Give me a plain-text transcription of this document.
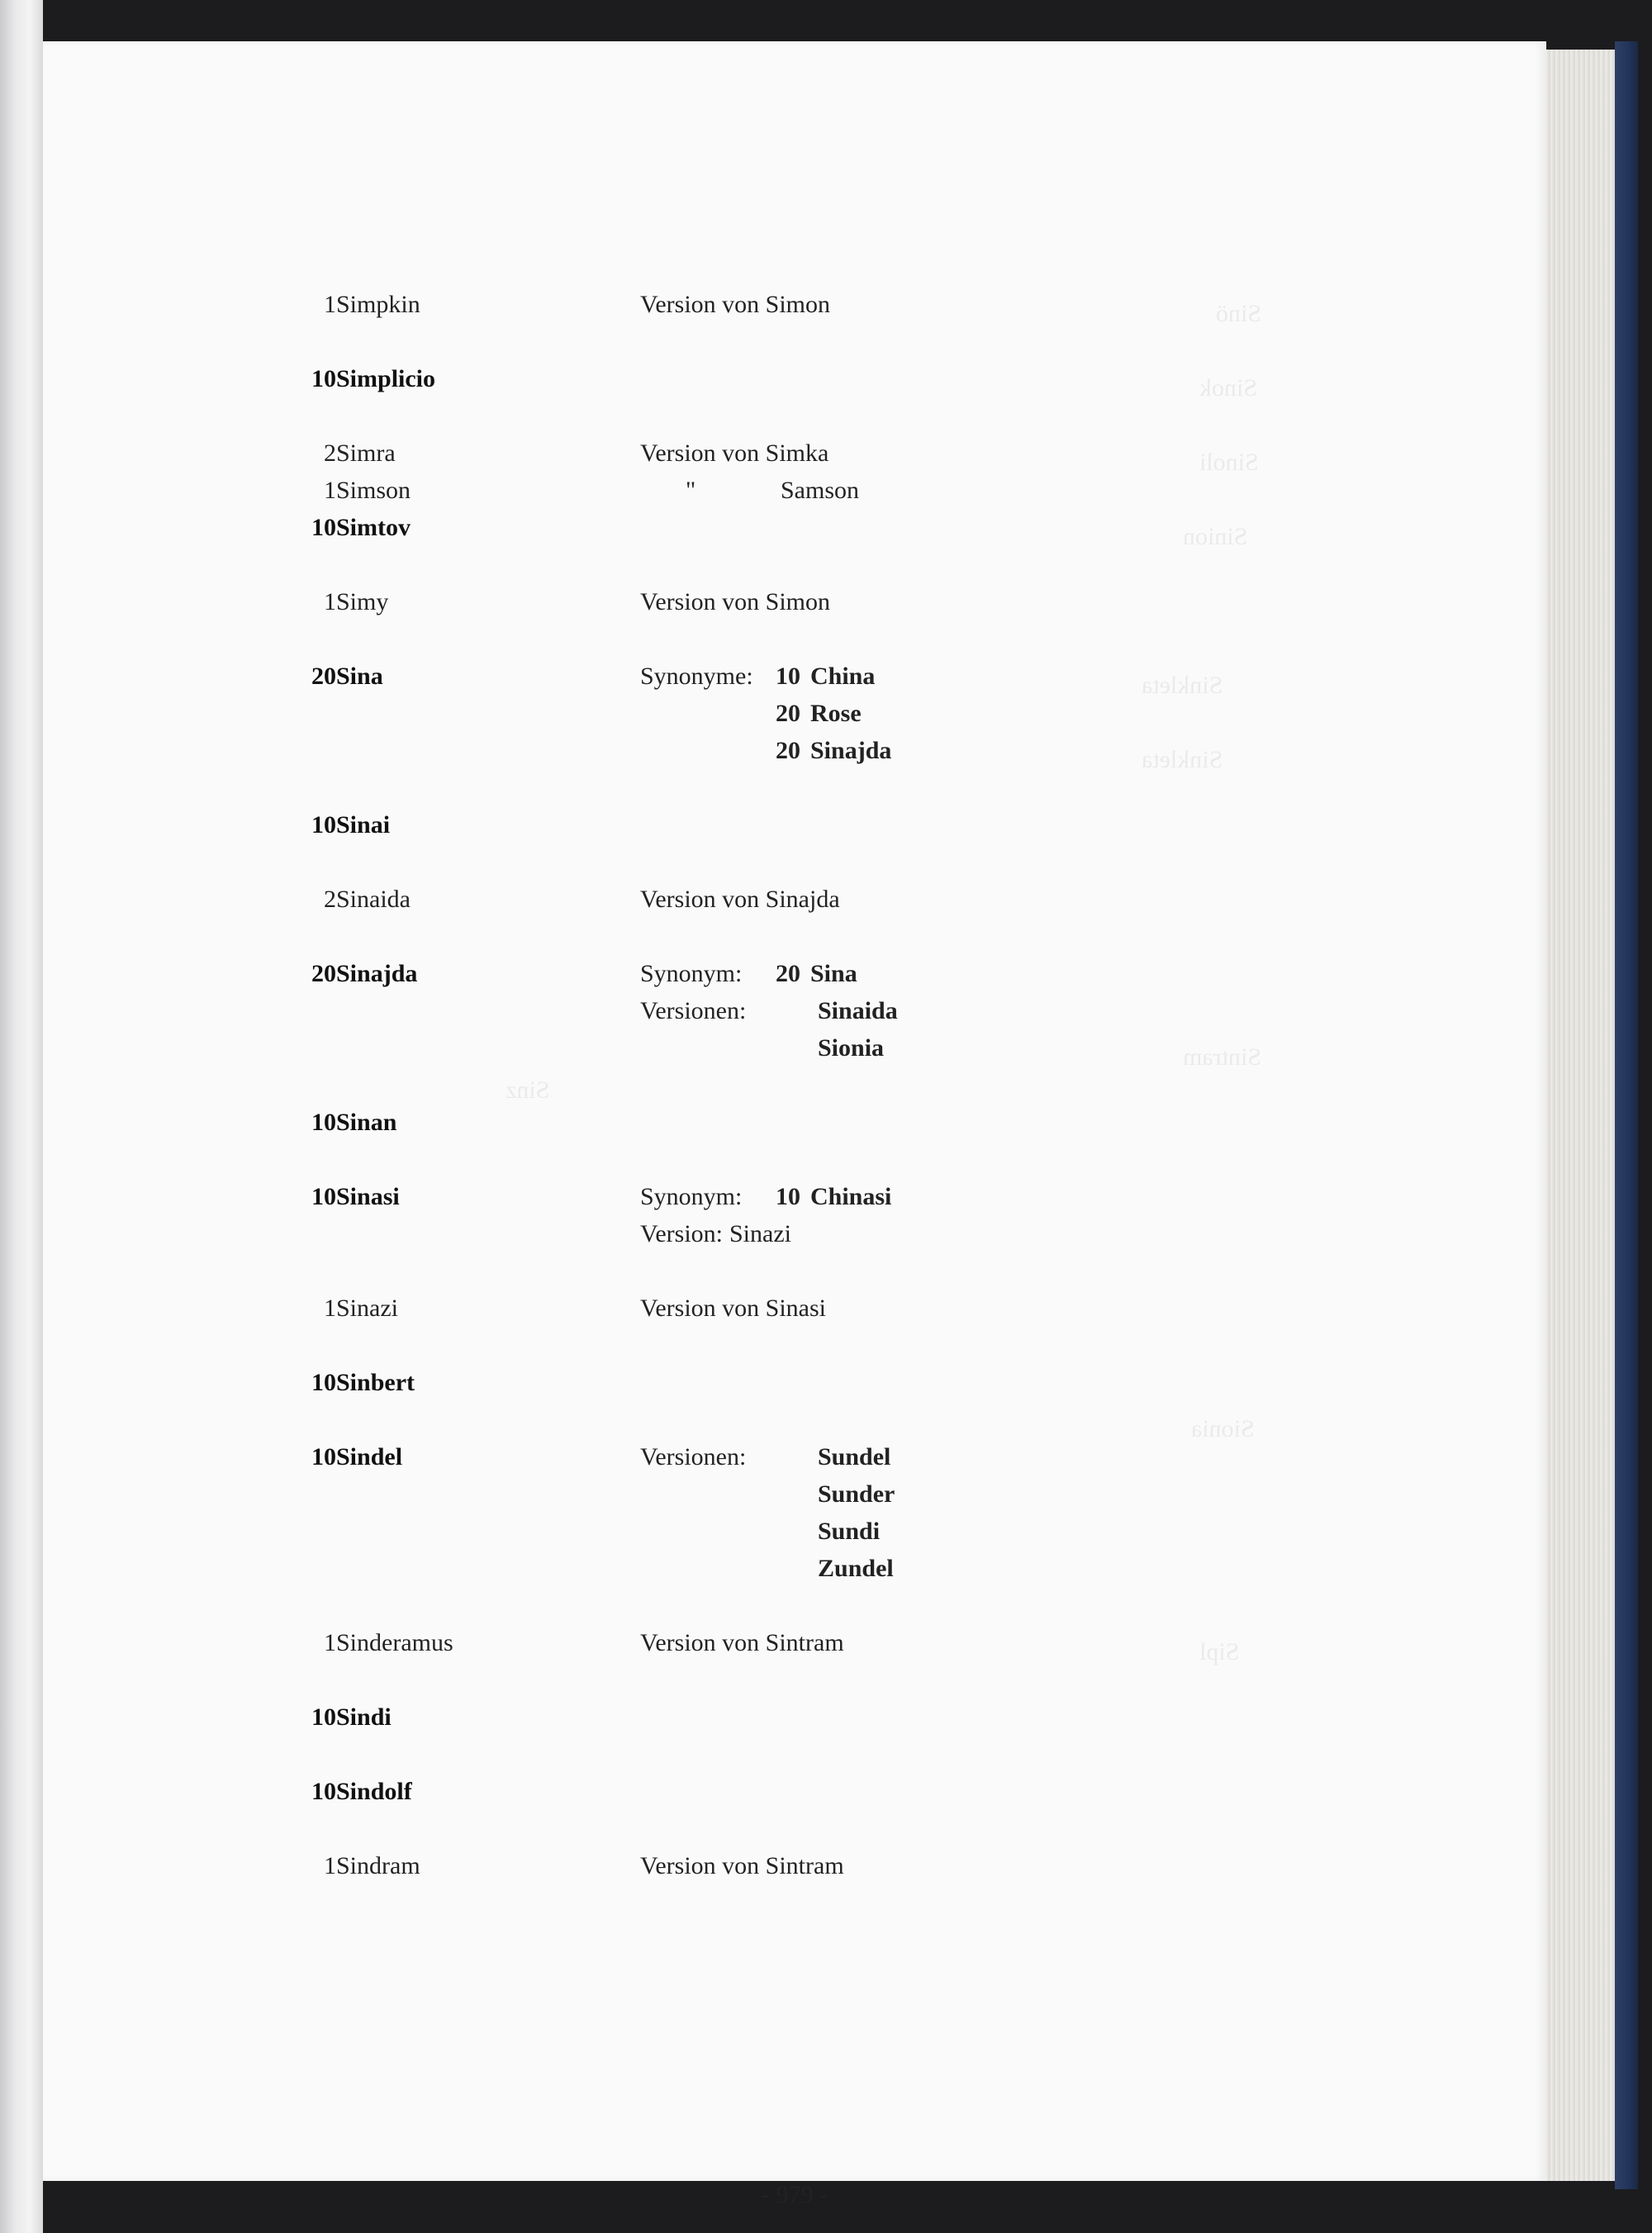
Sinö
Sinok
Sinoli
Sinion
Sinkleta
Sinkleta
Sintram
Sionia
Sipl
Sinz
1 Simpkin	Version von Simon
10 Simplicio
2 Simra	Version von Simka
1 Simson	"	Samson
10 Simtov
1 Simy	Version von Simon
20 Sina	Synonyme: 10 China
20 Rose
20 Sinajda
10 Sinai
2 Sinaida	Version von Sinajda
20 Sinajda	Synonym: 20 Sina
Versionen:	Sinaida
Sionia
10 Sinan
10 Sinasi	Synonym: 10 Chinasi
Version: Sinazi
1 Sinazi	Version von Sinasi
10 Sinbert
10 Sindel	Versionen:	Sundel
Sunder
Sundi
Zundel
1 Sinderamus	Version von Sintram
10 Sindi
10 Sindolf
1 Sindram	Version von Sintram
- 979 -
